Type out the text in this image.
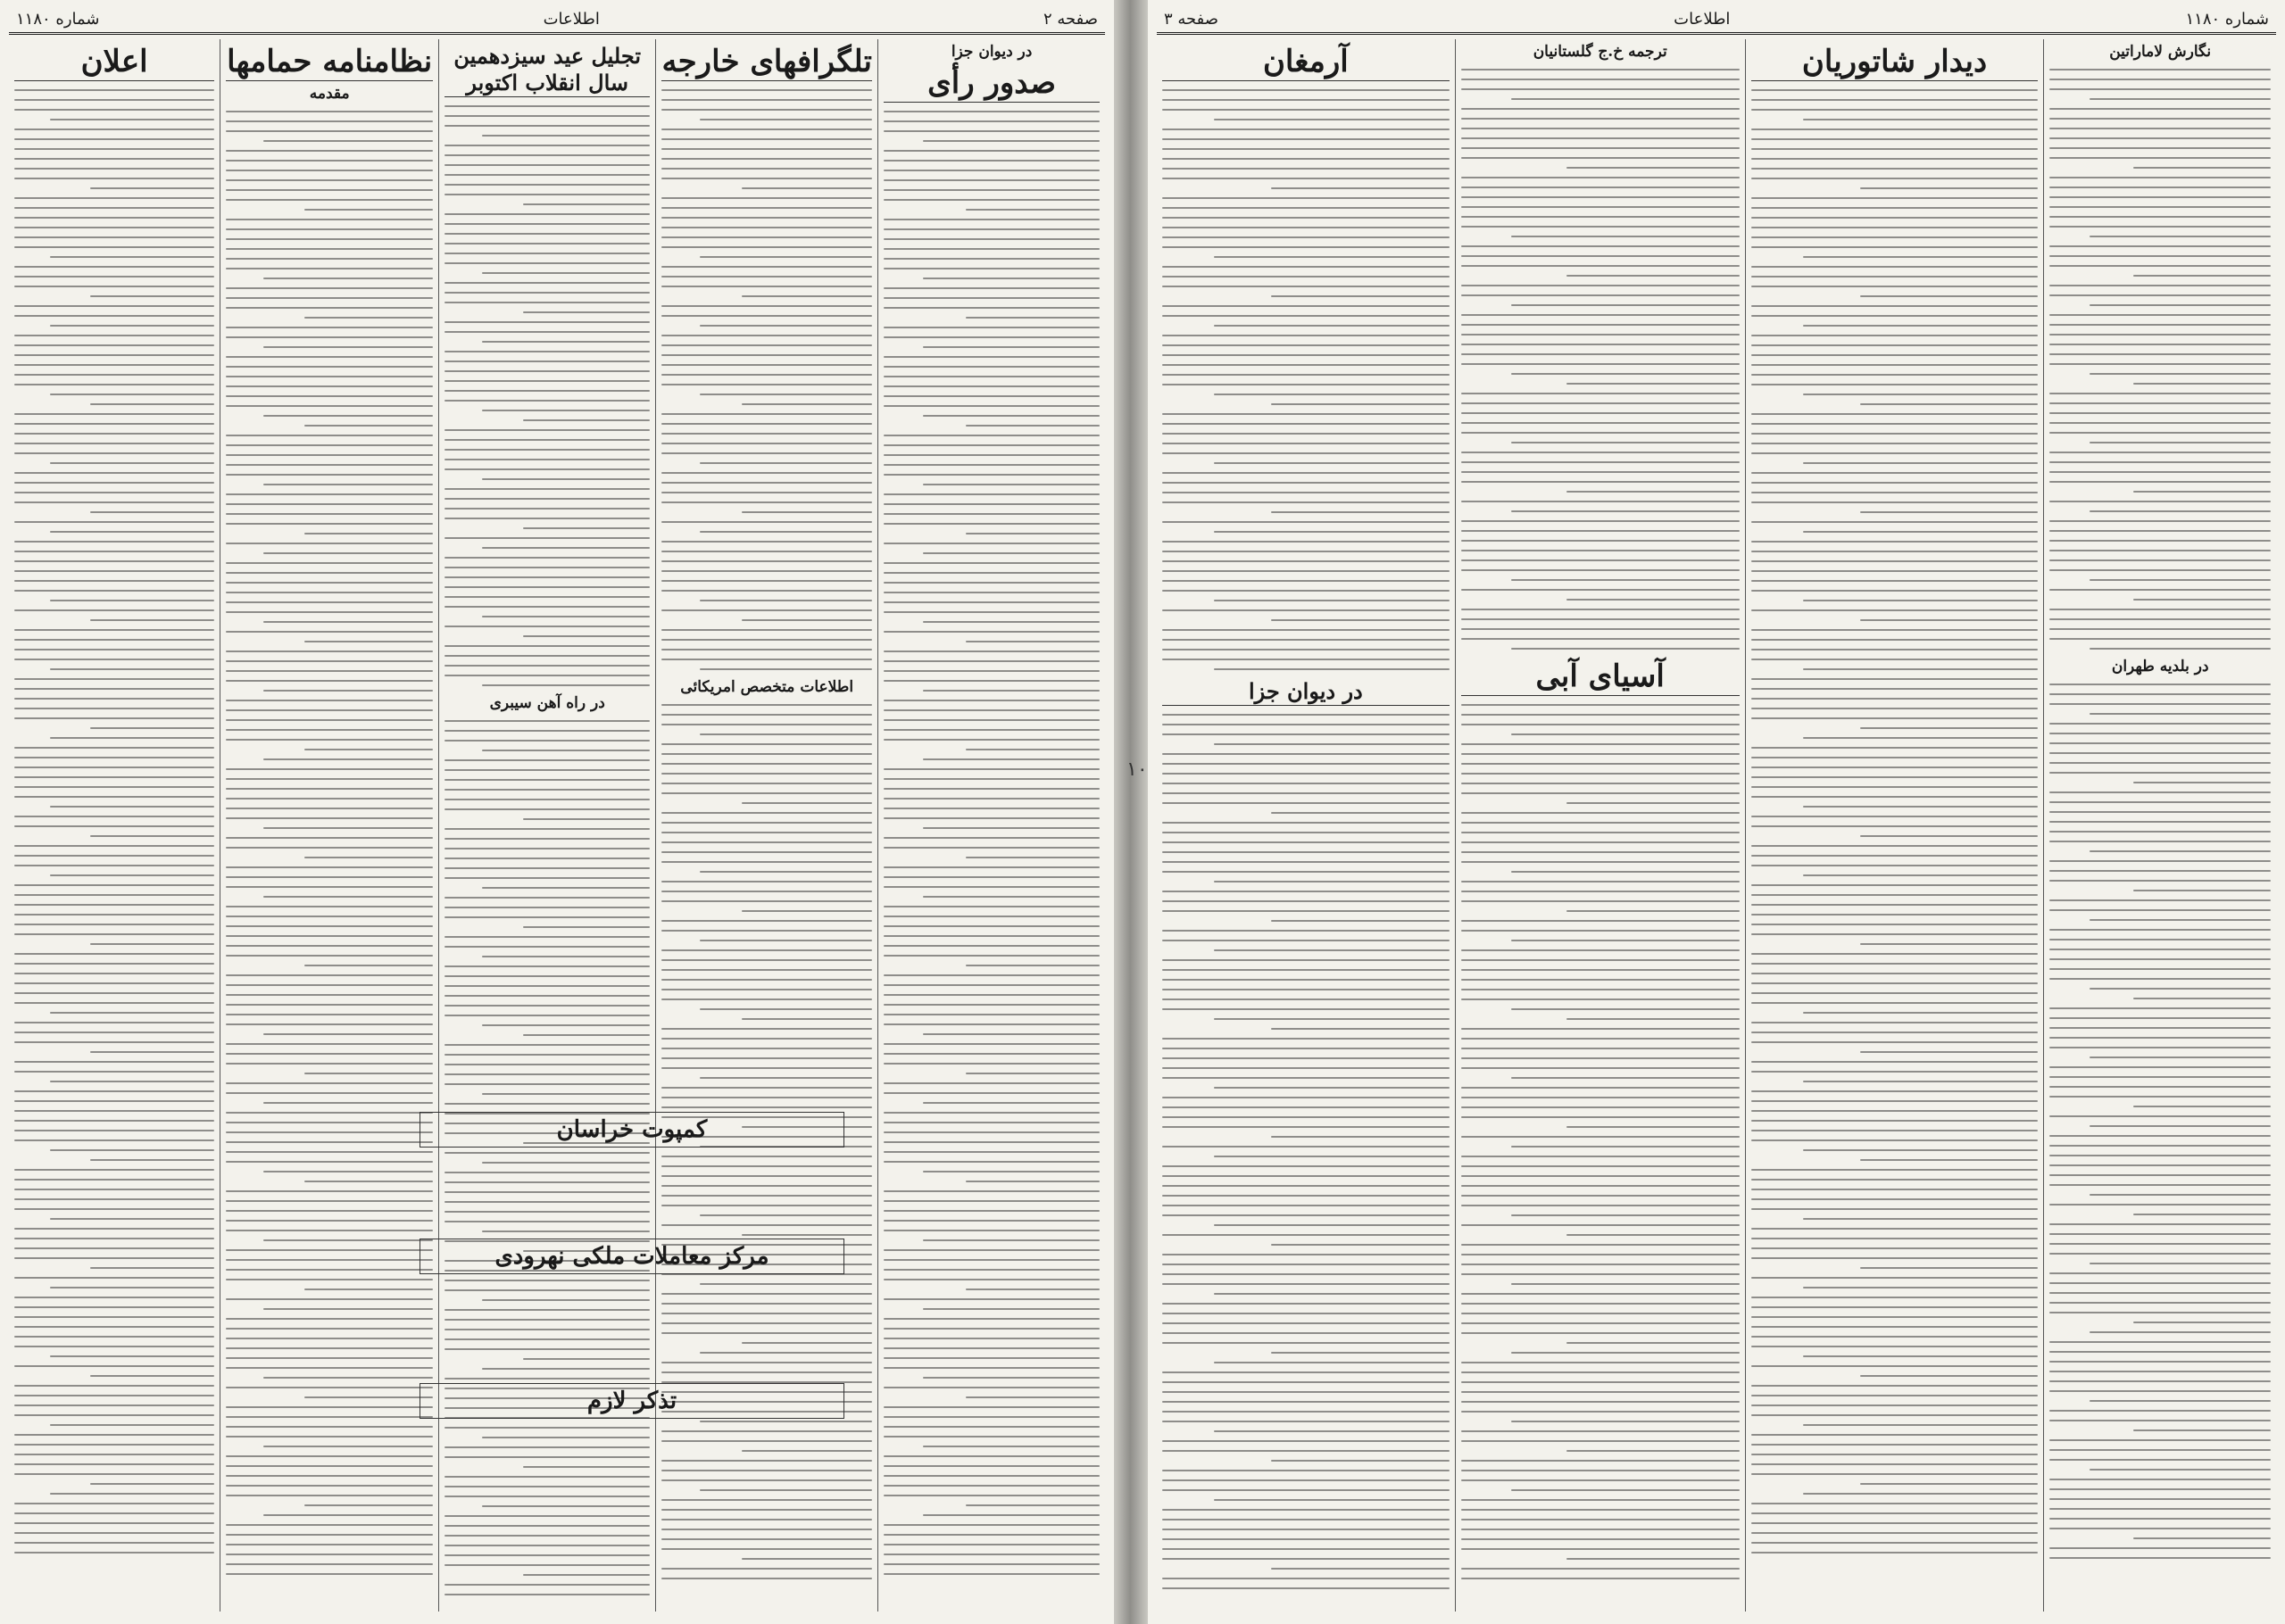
صفحه ۲
اطلاعات
شماره ۱۱۸۰
در دیوان جزا
صدور رأی
تلگرافهای خارجه
اطلاعات متخصص امریکائی
تجلیل عید سیزدهمین سال انقلاب اکتوبر
در راه آهن سیبری
نظامنامه حمامها
مقدمه
اعلان
کمپوت خراسان
مرکز معاملات ملکی نهرودی
تذکر لازم
۱۰
شماره ۱۱۸۰
اطلاعات
صفحه ۳
نگارش لاماراتین
در بلدیه طهران
دیدار شاتوریان
ترجمه خ.ج گلستانیان
آسیای آبی
آرمغان
در دیوان جزا
